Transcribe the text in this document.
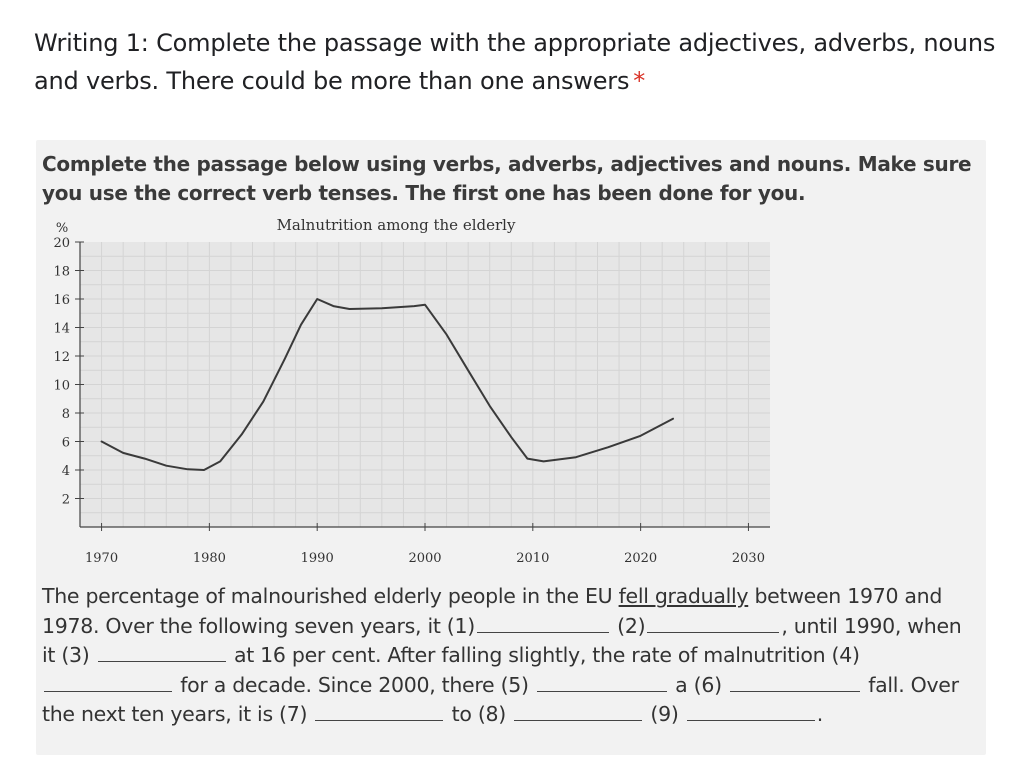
Writing 1: Complete the passage with the appropriate adjectives, adverbs, nouns and verbs. There could be more than one answers *
Complete the passage below using verbs, adverbs, adjectives and nouns. Make sure you use the correct verb tenses. The first one has been done for you.
Malnutrition among the elderly
%
2
4
6
8
10
12
14
16
18
20
1970	1980	1990	2000	2010	2020	2030
The percentage of malnourished elderly people in the EU fell gradually between 1970 and 1978. Over the following seven years, it (1)	(2)	, until 1990, when it (3)	at 16 per cent. After falling slightly, the rate of malnutrition (4)  for a decade. Since 2000, there (5)	a (6)	fall. Over the next ten years, it is (7)	to (8)	(9)	.
